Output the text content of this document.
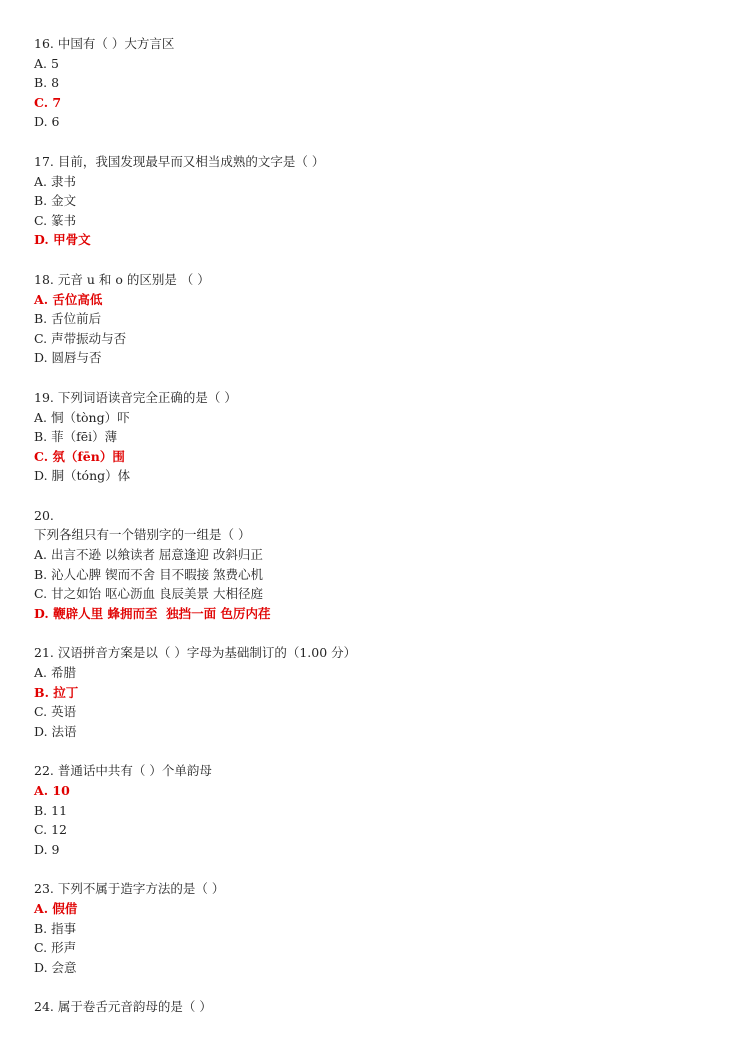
16. 中国有（ ）大方言区
A. 5
B. 8
C. 7
D. 6
17. 目前，我国发现最早而又相当成熟的文字是（ ）
A. 隶书
B. 金文
C. 篆书
D. 甲骨文
18. 元音 u 和 o 的区别是 （ ）
A. 舌位高低
B. 舌位前后
C. 声带振动与否
D. 圆唇与否
19. 下列词语读音完全正确的是（ ）
A. 恫（tòng）吓
B. 菲（fēi）薄
C. 氛（fēn）围
D. 胴（tóng）体
20.
下列各组只有一个错别字的一组是（ ）
A. 出言不逊 以飨读者 屈意逢迎 改斜归正
B. 沁人心脾 锲而不舍 目不暇接 煞费心机
C. 甘之如饴 呕心沥血 良辰美景 大相径庭
D. 鞭辟人里 蜂拥而至  独挡一面 色厉内荏
21. 汉语拼音方案是以（ ）字母为基础制订的（1.00 分）
A. 希腊
B. 拉丁
C. 英语
D. 法语
22. 普通话中共有（ ）个单韵母
A. 10
B. 11
C. 12
D. 9
23. 下列不属于造字方法的是（ ）
A. 假借
B. 指事
C. 形声
D. 会意
24. 属于卷舌元音韵母的是（ ）
